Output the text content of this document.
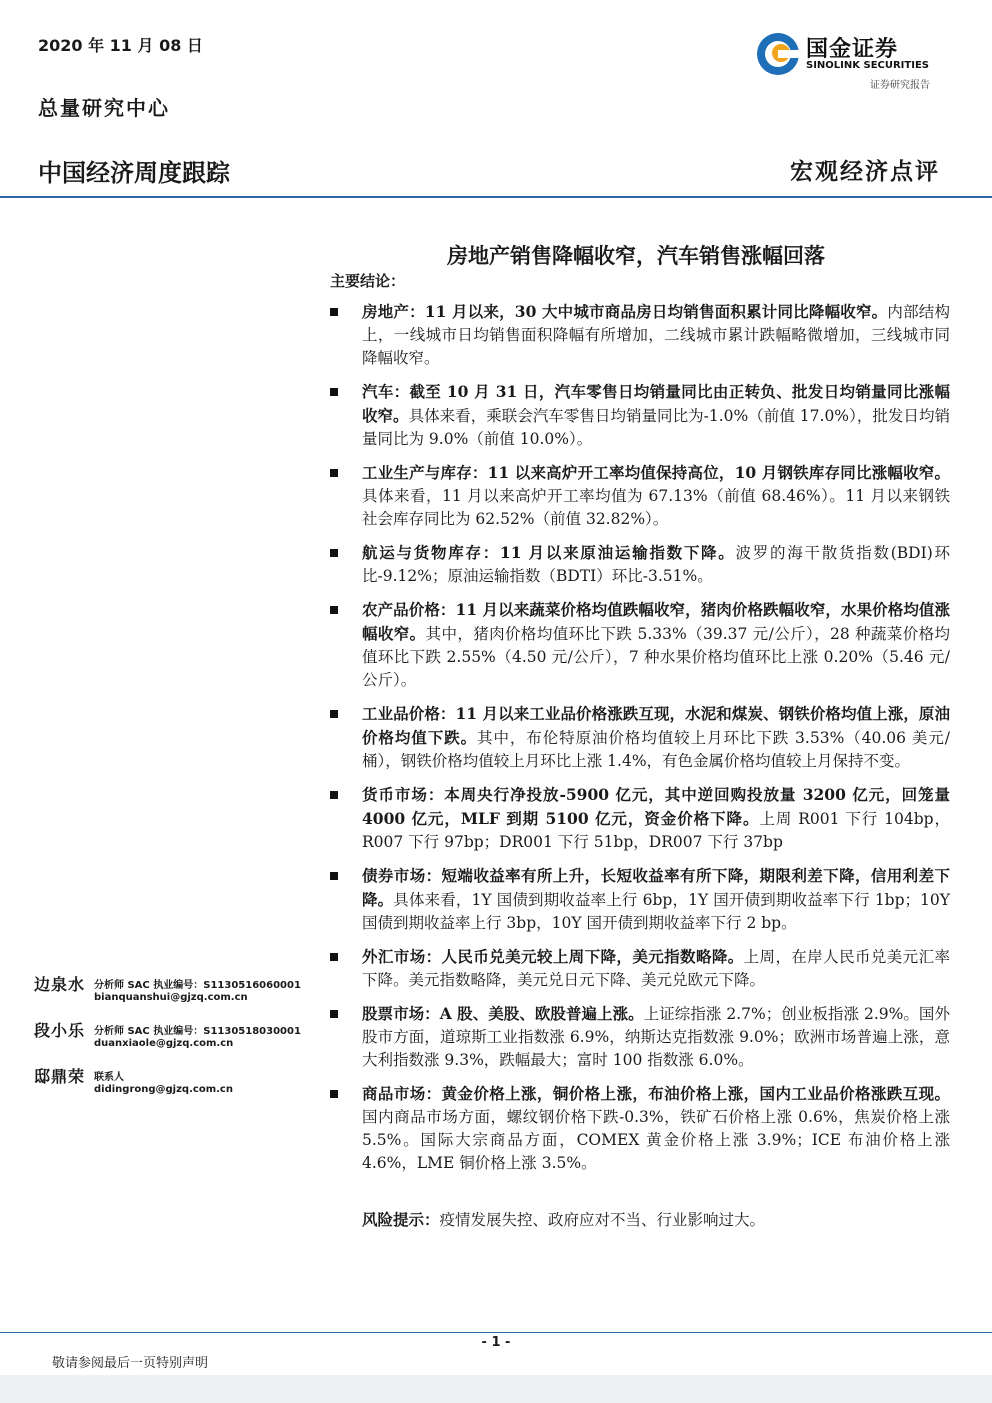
2020 年 11 月 08 日
总量研究中心
国金证券
SINOLINK SECURITIES
证券研究报告
中国经济周度跟踪	宏观经济点评
房地产销售降幅收窄，汽车销售涨幅回落
主要结论：
房地产：11 月以来，30 大中城市商品房日均销售面积累计同比降幅收窄。内部结构上，一线城市日均销售面积降幅有所增加，二线城市累计跌幅略微增加，三线城市同降幅收窄。
汽车：截至 10 月 31 日，汽车零售日均销量同比由正转负、批发日均销量同比涨幅收窄。具体来看，乘联会汽车零售日均销量同比为-1.0%（前值 17.0%），批发日均销量同比为 9.0%（前值 10.0%）。
工业生产与库存：11 以来高炉开工率均值保持高位，10 月钢铁库存同比涨幅收窄。具体来看，11 月以来高炉开工率均值为 67.13%（前值 68.46%）。11 月以来钢铁社会库存同比为 62.52%（前值 32.82%）。
航运与货物库存：11 月以来原油运输指数下降。波罗的海干散货指数(BDI)环比-9.12%；原油运输指数（BDTI）环比-3.51%。
农产品价格：11 月以来蔬菜价格均值跌幅收窄，猪肉价格跌幅收窄，水果价格均值涨幅收窄。其中，猪肉价格均值环比下跌 5.33%（39.37 元/公斤），28 种蔬菜价格均值环比下跌 2.55%（4.50 元/公斤），7 种水果价格均值环比上涨 0.20%（5.46 元/公斤）。
工业品价格：11 月以来工业品价格涨跌互现，水泥和煤炭、钢铁价格均值上涨，原油价格均值下跌。其中，布伦特原油价格均值较上月环比下跌 3.53%（40.06 美元/桶），钢铁价格均值较上月环比上涨 1.4%，有色金属价格均值较上月保持不变。
货币市场：本周央行净投放-5900 亿元，其中逆回购投放量 3200 亿元，回笼量 4000 亿元，MLF 到期 5100 亿元，资金价格下降。上周 R001 下行 104bp，R007 下行 97bp；DR001 下行 51bp，DR007 下行 37bp
债券市场：短端收益率有所上升，长短收益率有所下降，期限利差下降，信用利差下降。具体来看，1Y 国债到期收益率上行 6bp，1Y 国开债到期收益率下行 1bp；10Y 国债到期收益率上行 3bp，10Y 国开债到期收益率下行 2 bp。
外汇市场：人民币兑美元较上周下降，美元指数略降。上周，在岸人民币兑美元汇率下降。美元指数略降，美元兑日元下降、美元兑欧元下降。
股票市场：A 股、美股、欧股普遍上涨。上证综指涨 2.7%；创业板指涨 2.9%。国外股市方面，道琼斯工业指数涨 6.9%，纳斯达克指数涨 9.0%；欧洲市场普遍上涨，意大利指数涨 9.3%，跌幅最大；富时 100 指数涨 6.0%。
商品市场：黄金价格上涨，铜价格上涨，布油价格上涨，国内工业品价格涨跌互现。国内商品市场方面，螺纹钢价格下跌-0.3%，铁矿石价格上涨 0.6%，焦炭价格上涨 5.5%。国际大宗商品方面，COMEX 黄金价格上涨 3.9%；ICE 布油价格上涨 4.6%，LME 铜价格上涨 3.5%。
风险提示：疫情发展失控、政府应对不当、行业影响过大。
边泉水 分析师 SAC 执业编号：S1130516060001
bianquanshui@gjzq.com.cn
段小乐 分析师 SAC 执业编号：S1130518030001
duanxiaole@gjzq.com.cn
邸鼎荣 联系人
didingrong@gjzq.com.cn
- 1 -
敬请参阅最后一页特别声明
